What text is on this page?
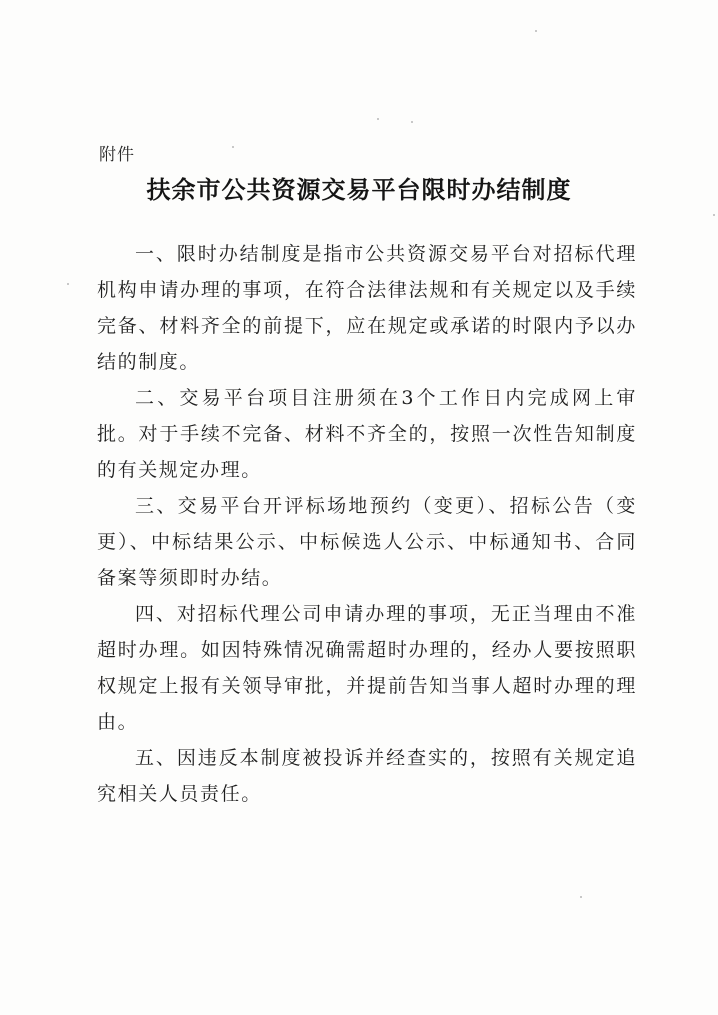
附件
扶余市公共资源交易平台限时办结制度

一、限时办结制度是指市公共资源交易平台对招标代理机构申请办理的事项，在符合法律法规和有关规定以及手续完备、材料齐全的前提下，应在规定或承诺的时限内予以办结的制度。

二、交易平台项目注册须在3个工作日内完成网上审批。对于手续不完备、材料不齐全的，按照一次性告知制度的有关规定办理。

三、交易平台开评标场地预约（变更）、招标公告（变更）、中标结果公示、中标候选人公示、中标通知书、合同备案等须即时办结。

四、对招标代理公司申请办理的事项，无正当理由不准超时办理。如因特殊情况确需超时办理的，经办人要按照职权规定上报有关领导审批，并提前告知当事人超时办理的理由。

五、因违反本制度被投诉并经查实的，按照有关规定追究相关人员责任。
